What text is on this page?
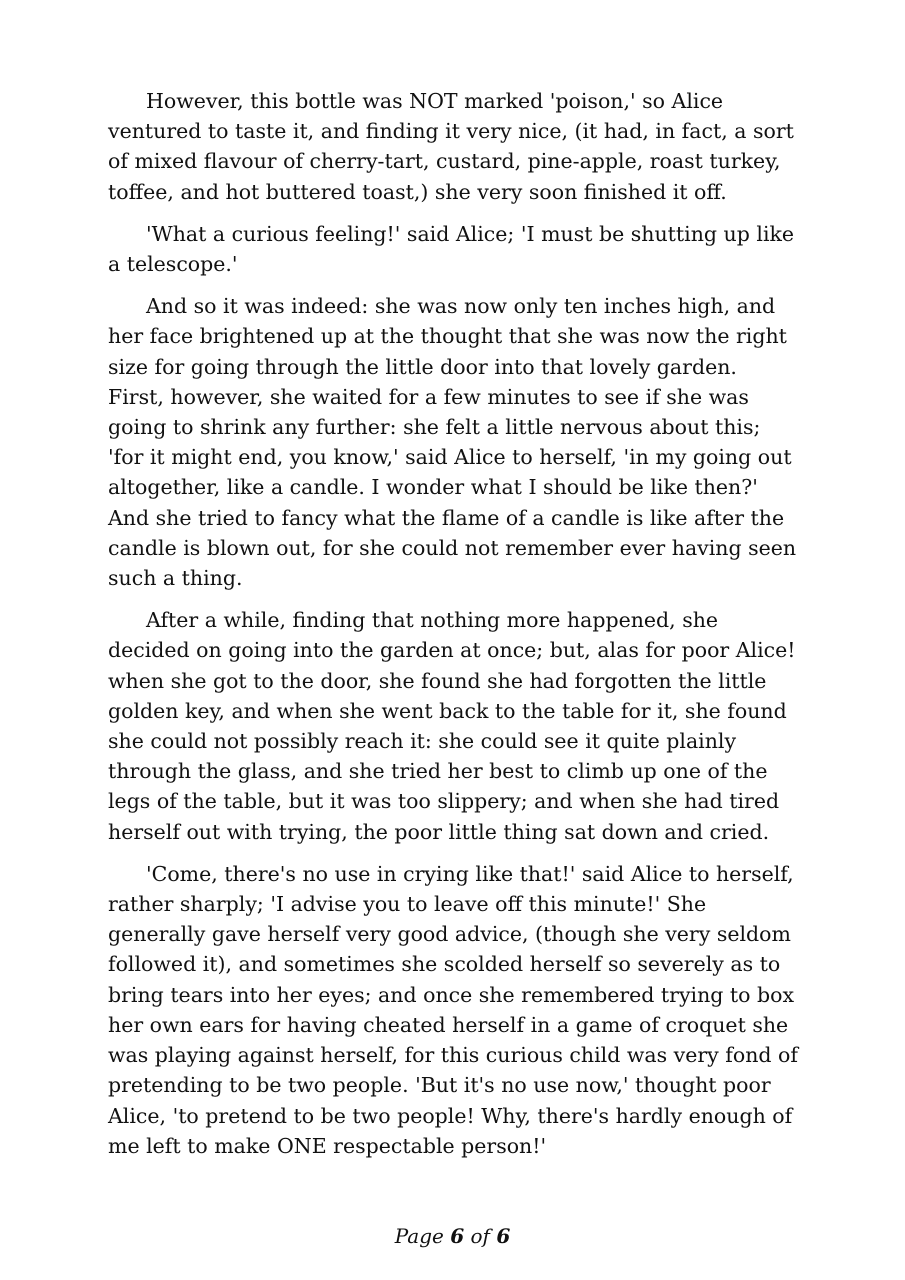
However, this bottle was NOT marked 'poison,' so Alice ventured to taste it, and finding it very nice, (it had, in fact, a sort of mixed flavour of cherry-tart, custard, pine-apple, roast turkey, toffee, and hot buttered toast,) she very soon finished it off.

'What a curious feeling!' said Alice; 'I must be shutting up like a telescope.'

And so it was indeed: she was now only ten inches high, and her face brightened up at the thought that she was now the right size for going through the little door into that lovely garden. First, however, she waited for a few minutes to see if she was going to shrink any further: she felt a little nervous about this; 'for it might end, you know,' said Alice to herself, 'in my going out altogether, like a candle. I wonder what I should be like then?' And she tried to fancy what the flame of a candle is like after the candle is blown out, for she could not remember ever having seen such a thing.

After a while, finding that nothing more happened, she decided on going into the garden at once; but, alas for poor Alice! when she got to the door, she found she had forgotten the little golden key, and when she went back to the table for it, she found she could not possibly reach it: she could see it quite plainly through the glass, and she tried her best to climb up one of the legs of the table, but it was too slippery; and when she had tired herself out with trying, the poor little thing sat down and cried.

'Come, there's no use in crying like that!' said Alice to herself, rather sharply; 'I advise you to leave off this minute!' She generally gave herself very good advice, (though she very seldom followed it), and sometimes she scolded herself so severely as to bring tears into her eyes; and once she remembered trying to box her own ears for having cheated herself in a game of croquet she was playing against herself, for this curious child was very fond of pretending to be two people. 'But it's no use now,' thought poor Alice, 'to pretend to be two people! Why, there's hardly enough of me left to make ONE respectable person!'

Page 6 of 6
